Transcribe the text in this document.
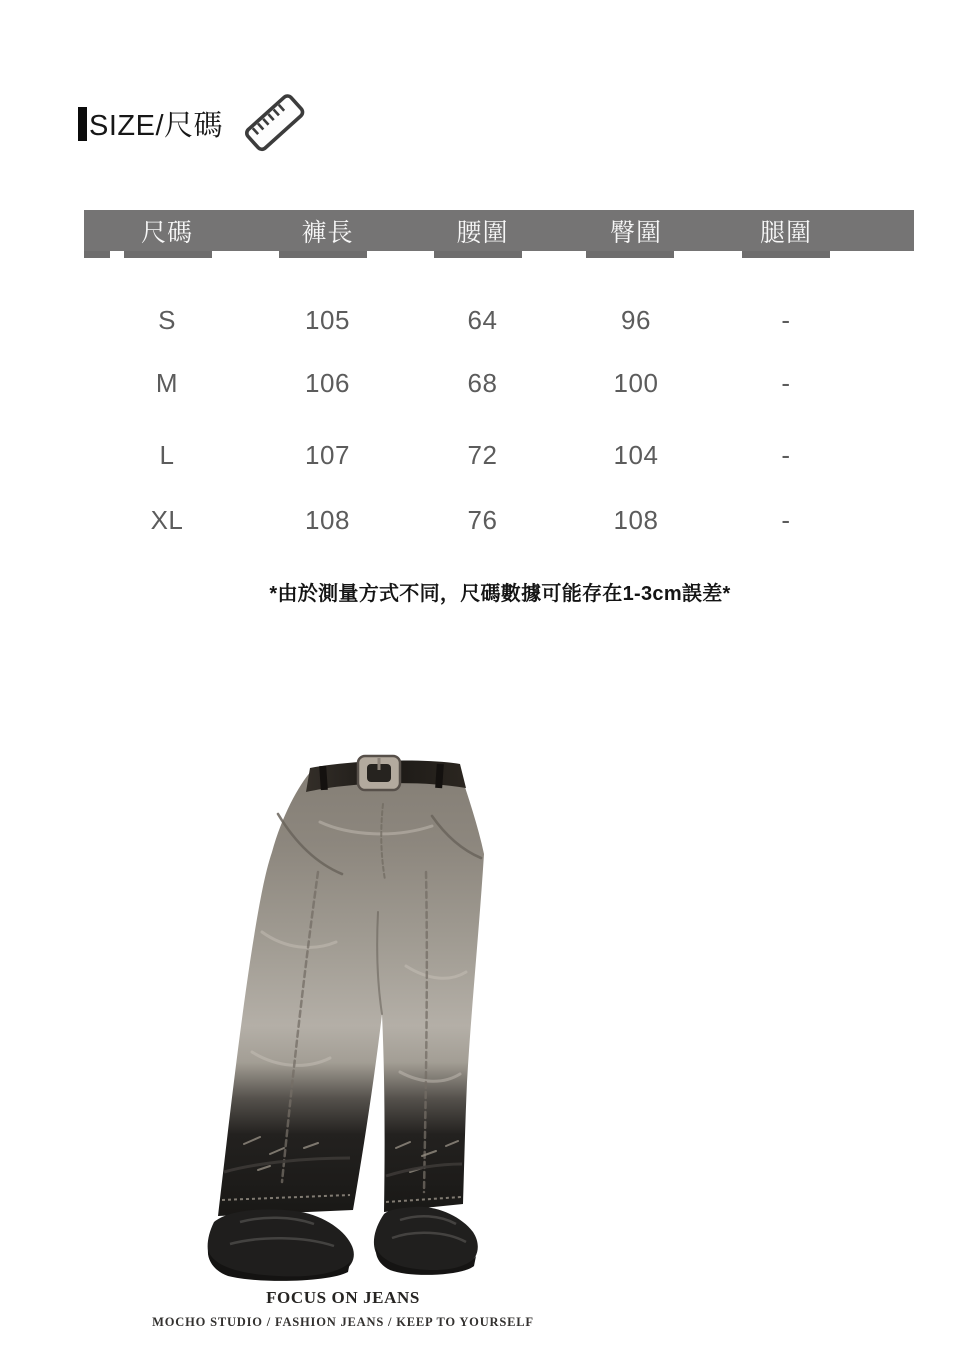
SIZE/尺碼
尺碼	褲長	腰圍	臀圍	腿圍
S	105	64	96	-
M	106	68	100	-
L	107	72	104	-
XL	108	76	108	-
*由於測量方式不同，尺碼數據可能存在1-3cm誤差*
FOCUS ON JEANS
MOCHO STUDIO / FASHION JEANS / KEEP TO YOURSELF
